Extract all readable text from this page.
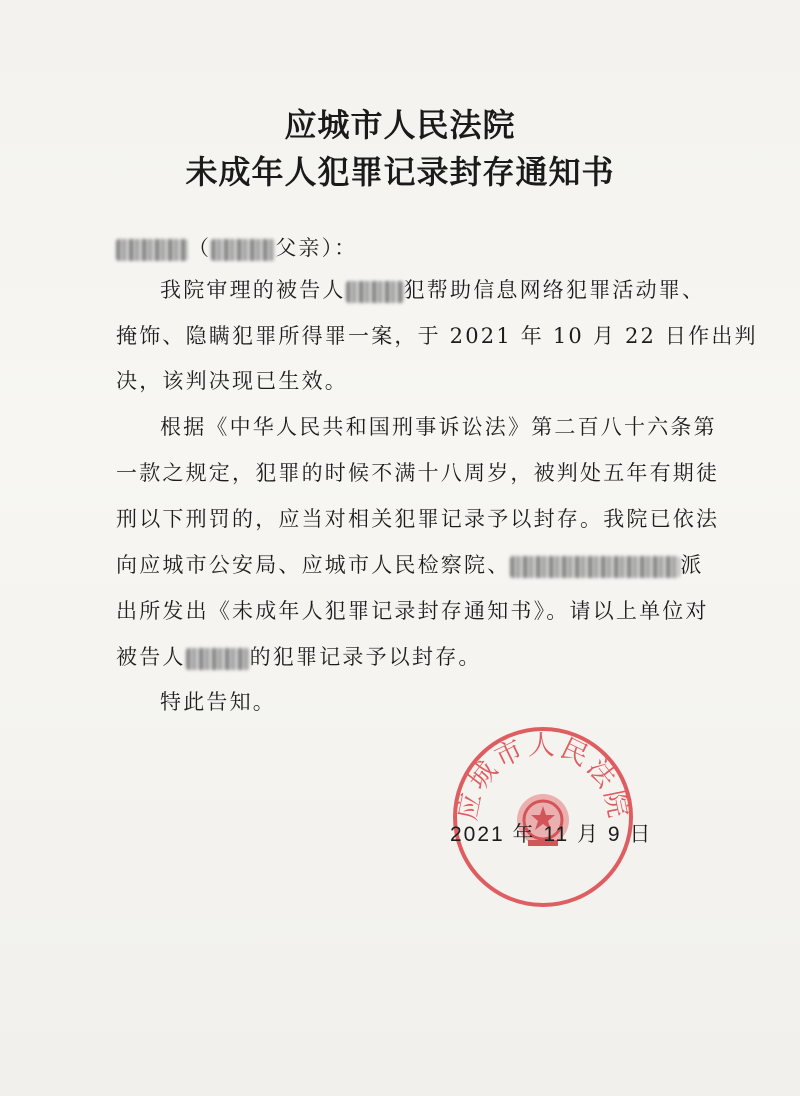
应城市人民法院
未成年人犯罪记录封存通知书
（	父亲）：
我院审理的被告人	犯帮助信息网络犯罪活动罪、
掩饰、隐瞒犯罪所得罪一案，于 2021 年 10 月 22 日作出判
决，该判决现已生效。
根据《中华人民共和国刑事诉讼法》第二百八十六条第
一款之规定，犯罪的时候不满十八周岁，被判处五年有期徒
刑以下刑罚的，应当对相关犯罪记录予以封存。我院已依法
向应城市公安局、应城市人民检察院、	派
出所发出《未成年人犯罪记录封存通知书》。请以上单位对
被告人	的犯罪记录予以封存。
特此告知。
应城市人民法院
2021 年 11 月 9 日
